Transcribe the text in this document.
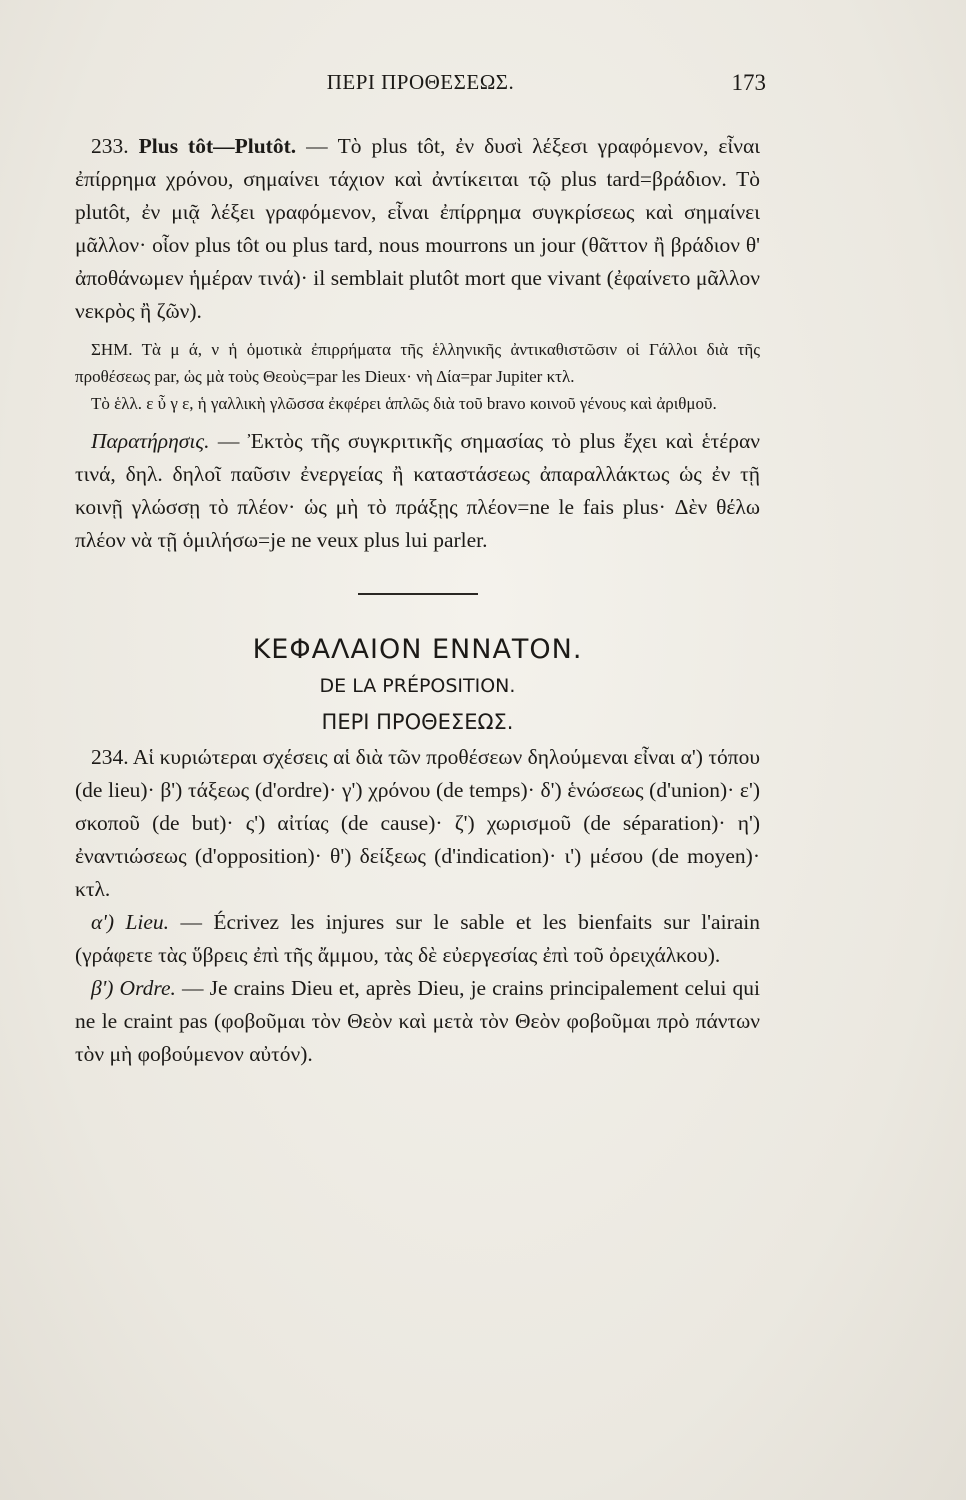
ΠΕΡΙ ΠΡΟΘΕΣΕΩΣ.	173

233. Plus tôt—Plutôt. — Τὸ plus tôt, ἐν δυσὶ λέξεσι γραφόμενον, εἶναι ἐπίρρημα χρόνου, σημαίνει τάχιον καὶ ἀντίκειται τῷ plus tard=βράδιον. Τὸ plutôt, ἐν μιᾷ λέξει γραφόμενον, εἶναι ἐπίρρημα συγκρίσεως καὶ σημαίνει μᾶλλον· οἷον plus tôt ou plus tard, nous mourrons un jour (θᾶττον ἢ βράδιον θ' ἀποθάνωμεν ἡμέραν τινά)· il semblait plutôt mort que vivant (ἐφαίνετο μᾶλλον νεκρὸς ἢ ζῶν).

ΣΗΜ. Τὰ μ ά, ν ἡ ὁμοτικὰ ἐπιρρήματα τῆς ἑλληνικῆς ἀντικαθιστῶσιν οἱ Γάλλοι διὰ τῆς προθέσεως par, ὡς μὰ τοὺς Θεοὺς=par les Dieux· νὴ Δία=par Jupiter κτλ.

Τὸ ἑλλ. ε ὖ γ ε, ἡ γαλλικὴ γλῶσσα ἐκφέρει ἁπλῶς διὰ τοῦ bravo κοινοῦ γένους καὶ ἀριθμοῦ.

Παρατήρησις. — Ἐκτὸς τῆς συγκριτικῆς σημασίας τὸ plus ἔχει καὶ ἑτέραν τινά, δηλ. δηλοῖ παῦσιν ἐνεργείας ἢ καταστάσεως ἀπαραλλάκτως ὡς ἐν τῇ κοινῇ γλώσσῃ τὸ πλέον· ὡς μὴ τὸ πράξῃς πλέον=ne le fais plus· Δὲν θέλω πλέον νὰ τῇ ὁμιλήσω=je ne veux plus lui parler.

ΚΕΦΑΛΑΙΟΝ ΕΝΝΑΤΟΝ.
DE LA PRÉPOSITION.
ΠΕΡΙ ΠΡΟΘΕΣΕΩΣ.

234. Αἱ κυριώτεραι σχέσεις αἱ διὰ τῶν προθέσεων δηλούμεναι εἶναι α') τόπου (de lieu)· β') τάξεως (d'ordre)· γ') χρόνου (de temps)· δ') ἑνώσεως (d'union)· ε') σκοποῦ (de but)· ς') αἰτίας (de cause)· ζ') χωρισμοῦ (de séparation)· η') ἐναντιώσεως (d'opposition)· θ') δείξεως (d'indication)· ι') μέσου (de moyen)· κτλ.

α') Lieu. — Écrivez les injures sur le sable et les bienfaits sur l'airain (γράφετε τὰς ὕβρεις ἐπὶ τῆς ἄμμου, τὰς δὲ εὐεργεσίας ἐπὶ τοῦ ὀρειχάλκου).

β') Ordre. — Je crains Dieu et, après Dieu, je crains principalement celui qui ne le craint pas (φοβοῦμαι τὸν Θεὸν καὶ μετὰ τὸν Θεὸν φοβοῦμαι πρὸ πάντων τὸν μὴ φοβούμενον αὐτόν).
